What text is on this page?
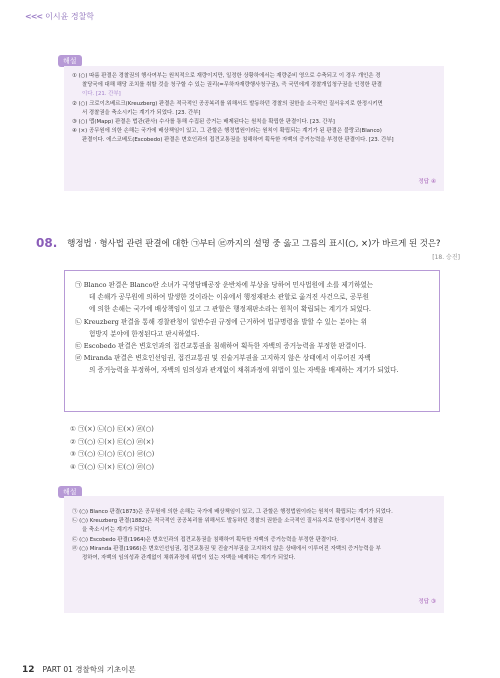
<<< 이시윤 경찰학
해설
① (○) 따름 판결은 경찰권의 행사여부는 원칙적으로 재량이지만, 일정한 상황하에서는 재량준비 영으로 수축되고 이 경우 개인은 경
찰당국에 대해 해당 조치를 취할 것을 청구할 수 있는 권리(=무하자재량행사청구권), 즉 국민에게 경찰개입청구권을 인정한 판결
이다. [21. 간부]
② (○) 크로이츠베르크(Kreuzberg) 판결은 적극적인 공공복리를 위해서도 발동하던 경찰의 권한을 소극적인 질서유지로 한정시키면
서 경찰권을 축소시키는 계기가 되었다. [23. 간부]
③ (○) 맵(Mapp) 판결은 법관(판사) 수사를 통해 수집된 증거는 배제된다는 원칙을 확립한 판결이다. [23. 간부]
④ (×) 공무원에 의한 손해는 국가에 배상책임이 있고, 그 관할은 행정법원이라는 원칙이 확립되는 계기가 된 판결은 블랑코(Blanco)
판결이다. 에스코베도(Escobedo) 판결은 변호인과의 접견교통권을 침해하여 획득한 자백의 증거능력을 부정한 판결이다. [23. 간부]
정답 ④
08. 행정법 · 형사법 관련 판결에 대한 ㉠부터 ㉣까지의 설명 중 옳고 그름의 표시(○, ×)가 바르게 된 것은?
[18. 승진]
㉠ Blanco 판결은 Blanco란 소녀가 국영담배공장 운반차에 부상을 당하여 민사법원에 소를 제기하였는
데 손해가 공무원에 의하여 발생한 것이라는 이유에서 행정재판소 관할로 옮겨진 사건으로, 공무원
에 의한 손해는 국가에 배상책임이 있고 그 관할은 행정재판소라는 원칙이 확립되는 계기가 되었다.
㉡ Kreuzberg 판결을 통해 경찰관청이 일반수권 규정에 근거하여 법규명령을 발할 수 있는 분야는 위
험방지 분야에 한정된다고 판시하였다.
㉢ Escobedo 판결은 변호인과의 접견교통권을 침해하여 획득한 자백의 증거능력을 부정한 판결이다.
㉣ Miranda 판결은 변호인선임권, 접견교통권 및 진술거부권을 고지하지 않은 상태에서 이루어진 자백
의 증거능력을 부정하여, 자백의 임의성과 관계없이 채취과정에 위법이 있는 자백을 배제하는 계기가 되었다.
① ㉠(×) ㉡(○) ㉢(×) ㉣(○)
② ㉠(○) ㉡(×) ㉢(○) ㉣(×)
③ ㉠(○) ㉡(○) ㉢(○) ㉣(○)
④ ㉠(○) ㉡(×) ㉢(○) ㉣(○)
해설
㉠ (○) Blanco 판결(1873)은 공무원에 의한 손해는 국가에 배상책임이 있고, 그 관할은 행정법원이라는 원칙이 확립되는 계기가 되었다.
㉡ (○) Kreuzberg 판결(1882)은 적극적인 공공복리를 위해서도 발동하던 경찰의 권한을 소극적인 질서유지로 한정시키면서 경찰권
을 축소시키는 계기가 되었다.
㉢ (○) Escobedo 판결(1964)은 변호인과의 접견교통권을 침해하여 획득한 자백의 증거능력을 부정한 판결이다.
㉣ (○) Miranda 판결(1966)은 변호인선임권, 접견교통권 및 진술거부권을 고지하지 않은 상태에서 이루어진 자백의 증거능력을 부
정하여, 자백의 임의성과 관계없이 채취과정에 위법이 있는 자백을 배제하는 계기가 되었다.
정답 ③
12 PART 01 경찰학의 기초이론
